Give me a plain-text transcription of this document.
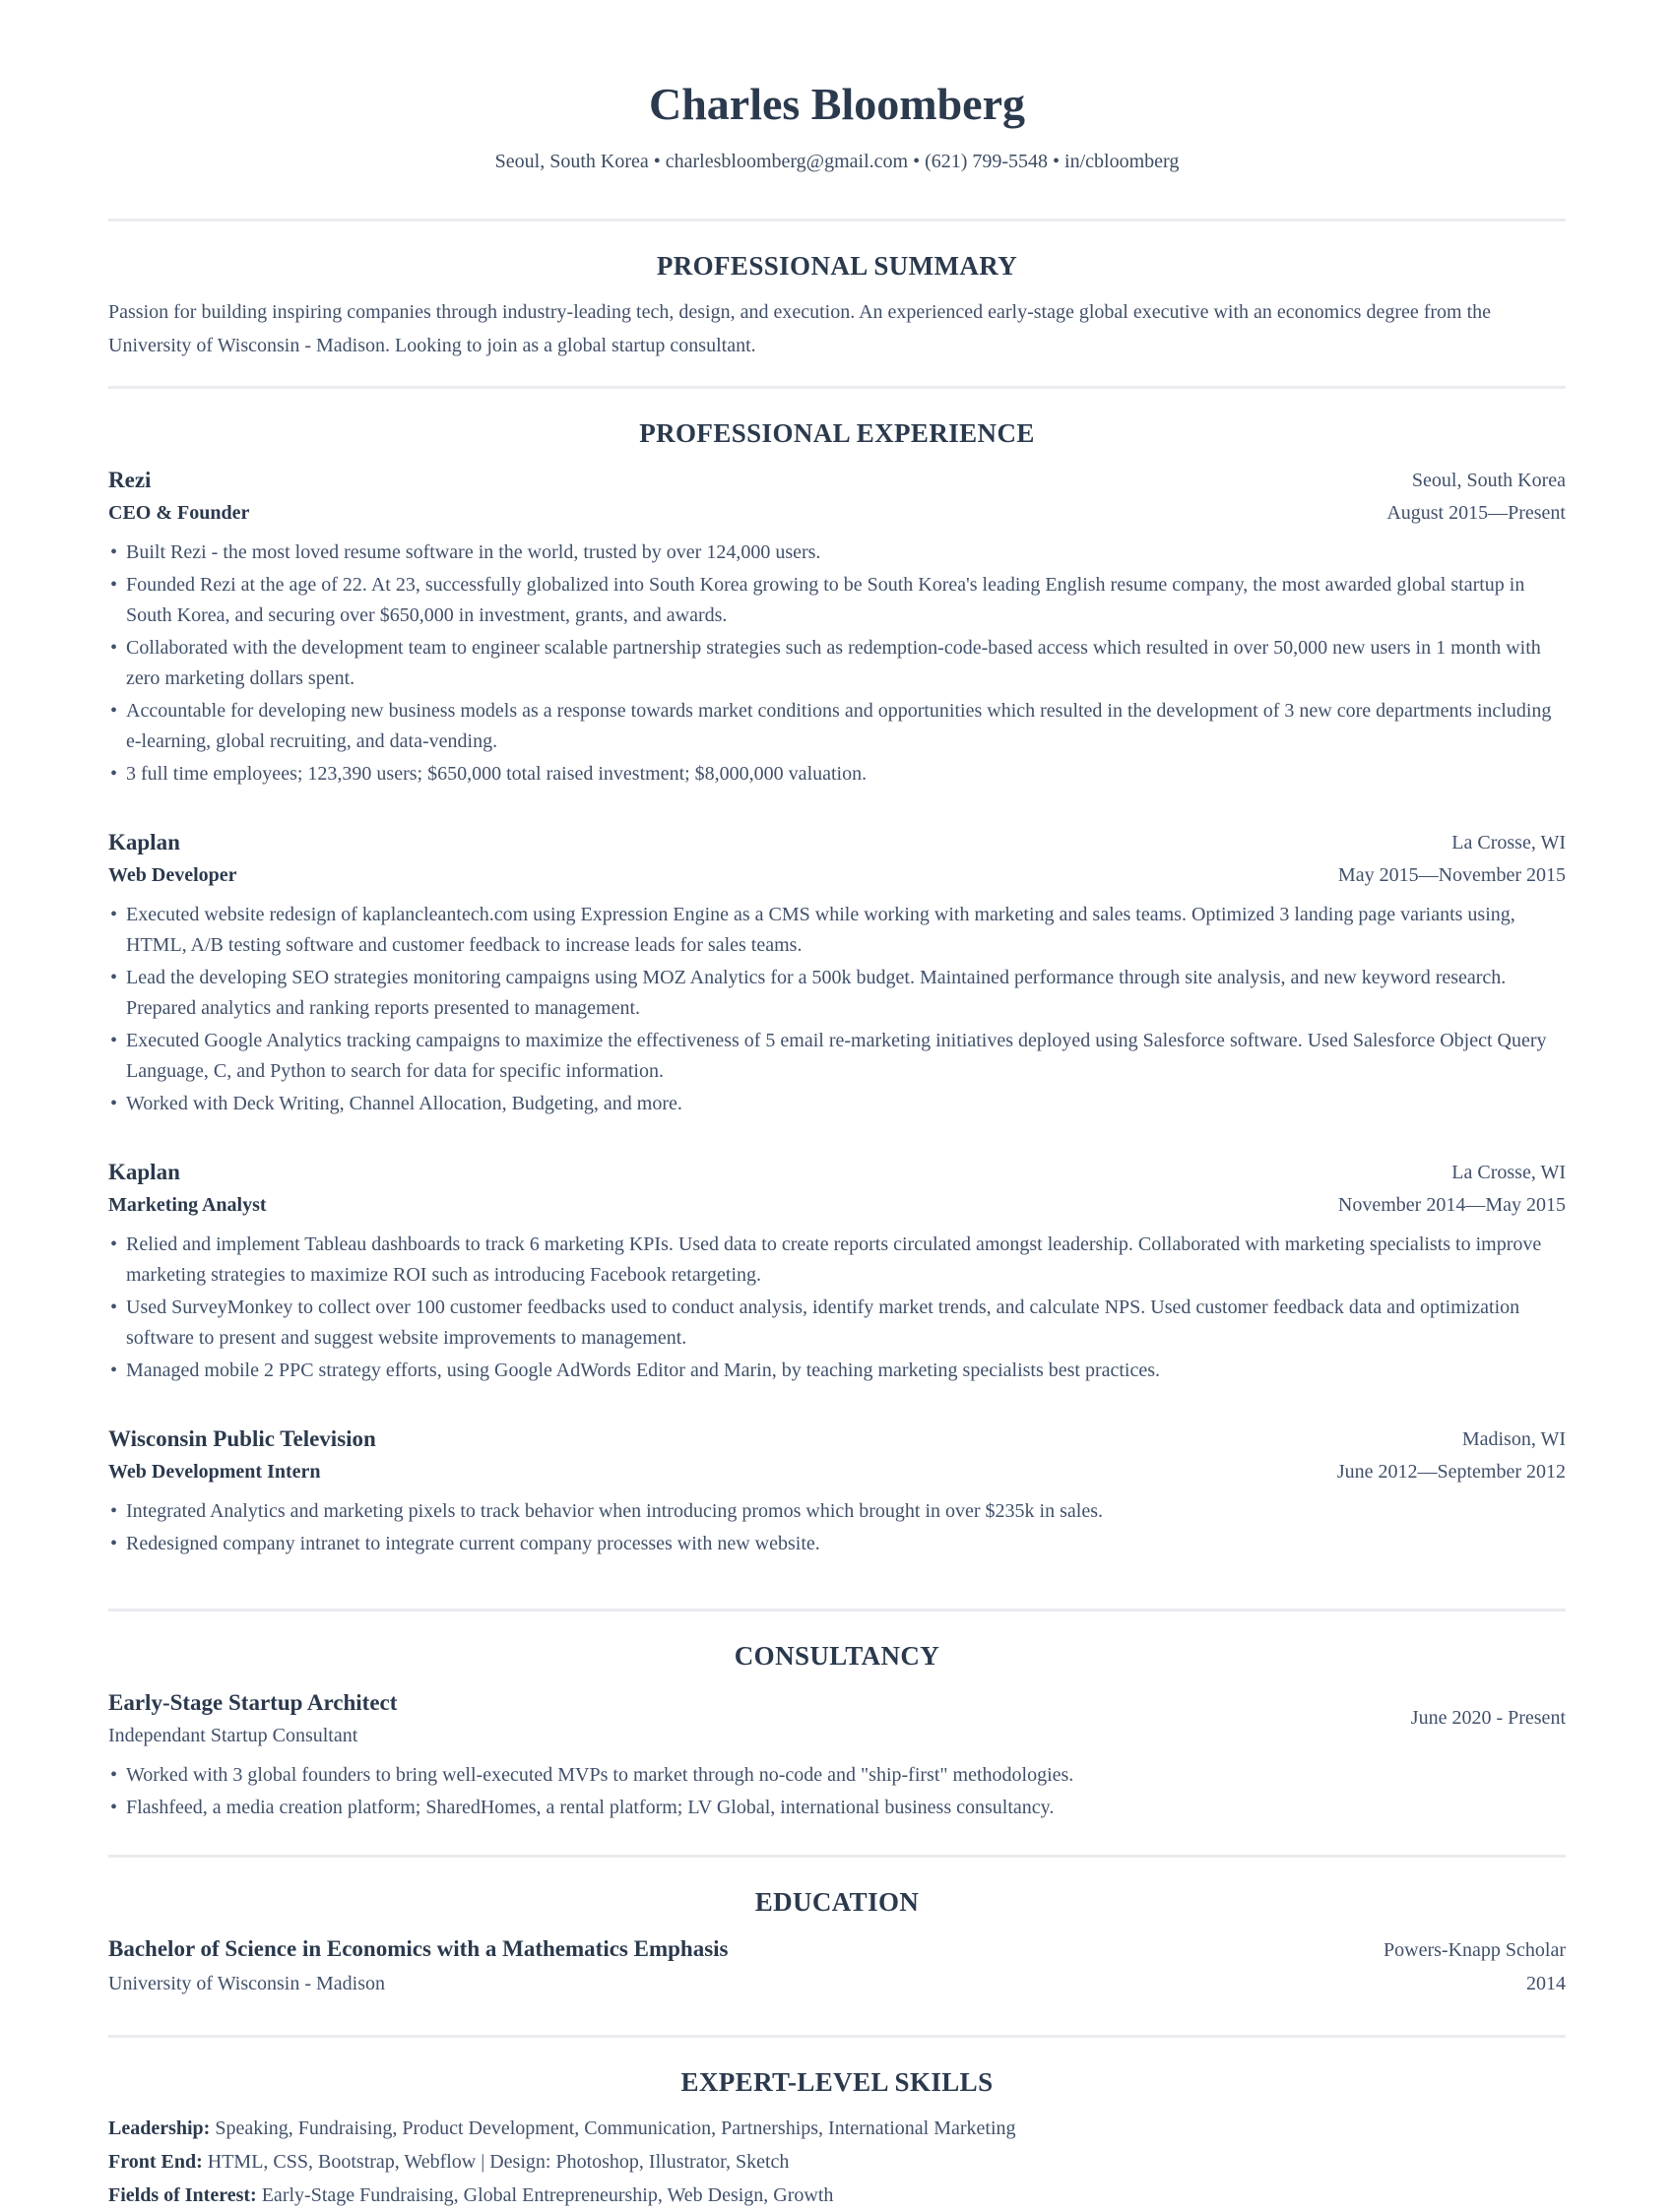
Charles Bloomberg

Seoul, South Korea • charlesbloomberg@gmail.com • (621) 799-5548 • in/cbloomberg

PROFESSIONAL SUMMARY

Passion for building inspiring companies through industry-leading tech, design, and execution. An experienced early-stage global executive with an economics degree from the University of Wisconsin - Madison. Looking to join as a global startup consultant.

PROFESSIONAL EXPERIENCE
Rezi
CEO & Founder
Seoul, South Korea
August 2015—Present
• Built Rezi - the most loved resume software in the world, trusted by over 124,000 users.
• Founded Rezi at the age of 22. At 23, successfully globalized into South Korea growing to be South Korea's leading English resume company, the most awarded global startup in South Korea, and securing over $650,000 in investment, grants, and awards.
• Collaborated with the development team to engineer scalable partnership strategies such as redemption-code-based access which resulted in over 50,000 new users in 1 month with zero marketing dollars spent.
• Accountable for developing new business models as a response towards market conditions and opportunities which resulted in the development of 3 new core departments including e-learning, global recruiting, and data-vending.
• 3 full time employees; 123,390 users; $650,000 total raised investment; $8,000,000 valuation.
Kaplan
Web Developer
La Crosse, WI
May 2015—November 2015
• Executed website redesign of kaplancleantech.com using Expression Engine as a CMS while working with marketing and sales teams. Optimized 3 landing page variants using, HTML, A/B testing software and customer feedback to increase leads for sales teams.
• Lead the developing SEO strategies monitoring campaigns using MOZ Analytics for a 500k budget. Maintained performance through site analysis, and new keyword research. Prepared analytics and ranking reports presented to management.
• Executed Google Analytics tracking campaigns to maximize the effectiveness of 5 email re-marketing initiatives deployed using Salesforce software. Used Salesforce Object Query Language, C, and Python to search for data for specific information.
• Worked with Deck Writing, Channel Allocation, Budgeting, and more.
Kaplan
Marketing Analyst
La Crosse, WI
November 2014—May 2015
• Relied and implement Tableau dashboards to track 6 marketing KPIs. Used data to create reports circulated amongst leadership. Collaborated with marketing specialists to improve marketing strategies to maximize ROI such as introducing Facebook retargeting.
• Used SurveyMonkey to collect over 100 customer feedbacks used to conduct analysis, identify market trends, and calculate NPS. Used customer feedback data and optimization software to present and suggest website improvements to management.
• Managed mobile 2 PPC strategy efforts, using Google AdWords Editor and Marin, by teaching marketing specialists best practices.
Wisconsin Public Television
Web Development Intern
Madison, WI
June 2012—September 2012
• Integrated Analytics and marketing pixels to track behavior when introducing promos which brought in over $235k in sales.
• Redesigned company intranet to integrate current company processes with new website.
CONSULTANCY
Early-Stage Startup Architect
Independant Startup Consultant
June 2020 - Present
• Worked with 3 global founders to bring well-executed MVPs to market through no-code and "ship-first" methodologies.
• Flashfeed, a media creation platform; SharedHomes, a rental platform; LV Global, international business consultancy.
EDUCATION
Bachelor of Science in Economics with a Mathematics Emphasis	Powers-Knapp Scholar
University of Wisconsin - Madison	2014
EXPERT-LEVEL SKILLS

Leadership: Speaking, Fundraising, Product Development, Communication, Partnerships, International Marketing

Front End: HTML, CSS, Bootstrap, Webflow | Design: Photoshop, Illustrator, Sketch

Fields of Interest: Early-Stage Fundraising, Global Entrepreneurship, Web Design, Growth
